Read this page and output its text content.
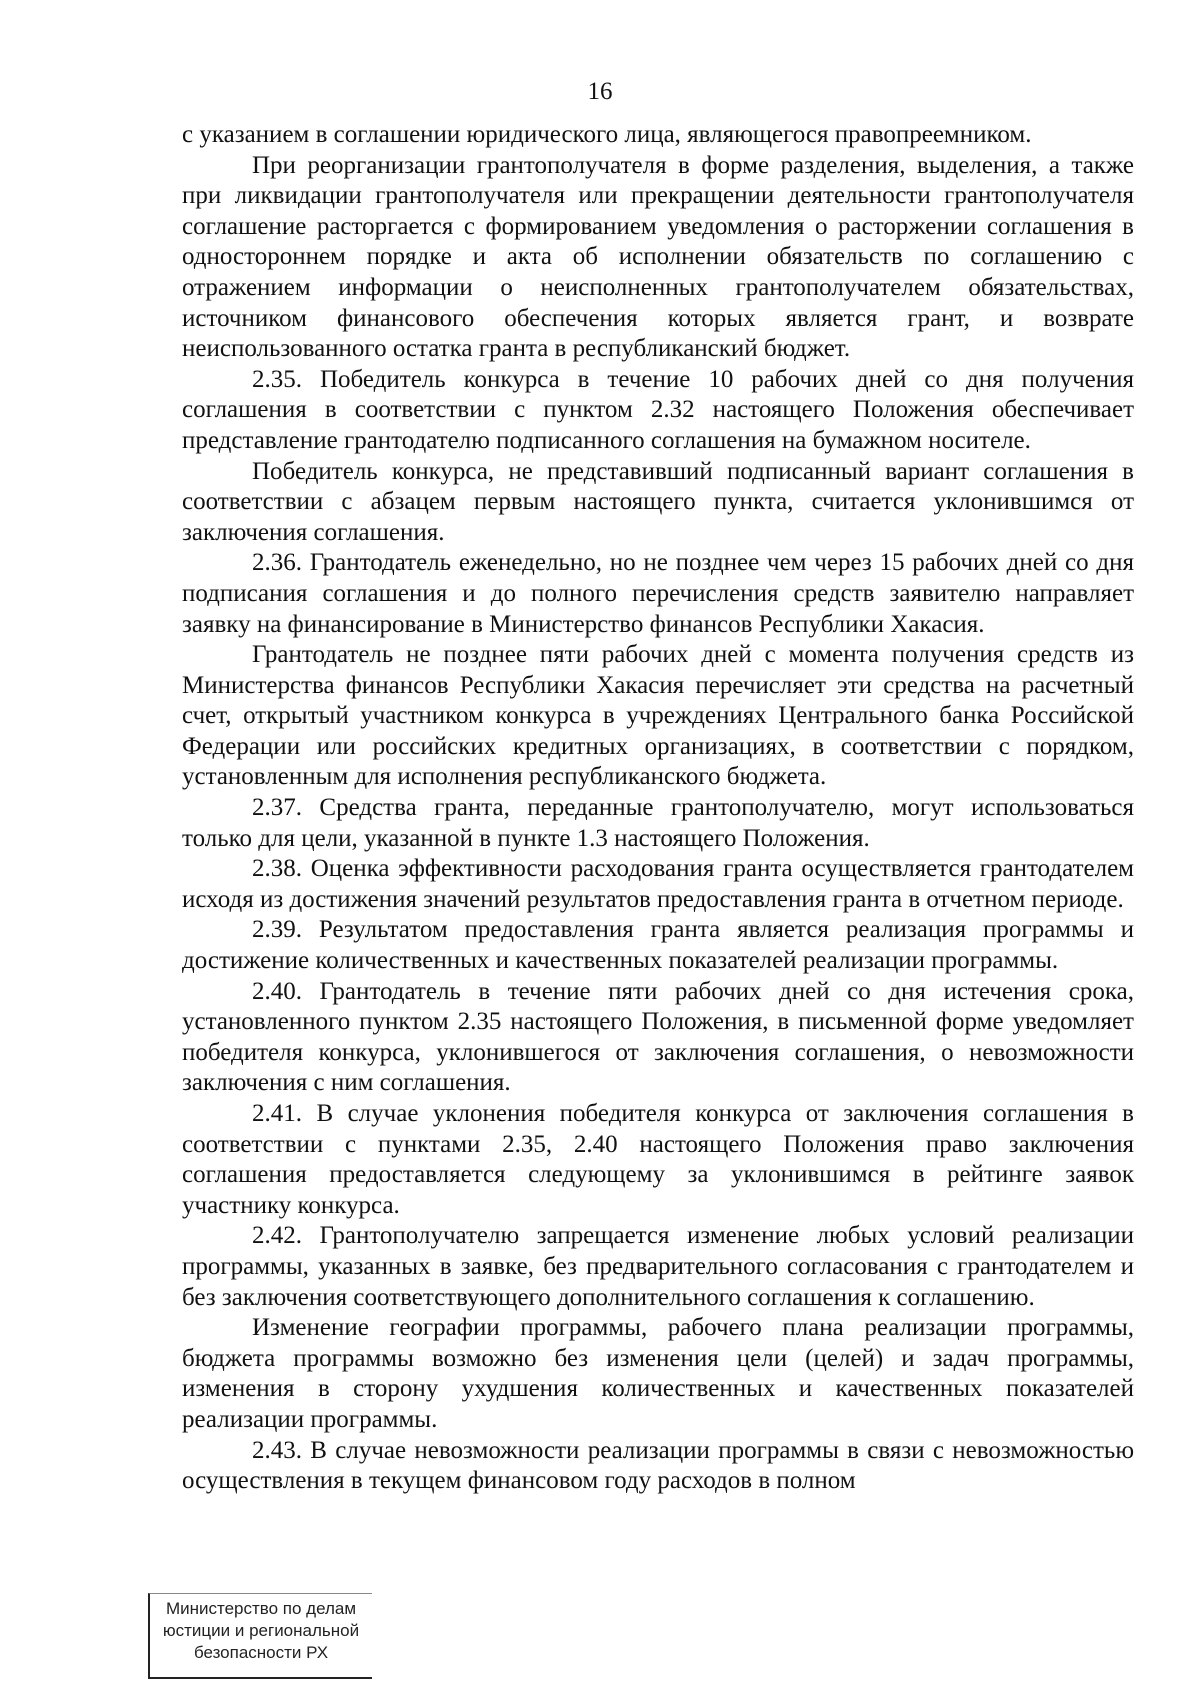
16

с указанием в соглашении юридического лица, являющегося правопреемником.

При реорганизации грантополучателя в форме разделения, выделения, а также при ликвидации грантополучателя или прекращении деятельности грантополучателя соглашение расторгается с формированием уведомления о расторжении соглашения в одностороннем порядке и акта об исполнении обязательств по соглашению с отражением информации о неисполненных грантополучателем обязательствах, источником финансового обеспечения которых является грант, и возврате неиспользованного остатка гранта в республиканский бюджет.

2.35. Победитель конкурса в течение 10 рабочих дней со дня получения соглашения в соответствии с пунктом 2.32 настоящего Положения обеспечивает представление грантодателю подписанного соглашения на бумажном носителе.

Победитель конкурса, не представивший подписанный вариант соглашения в соответствии с абзацем первым настоящего пункта, считается уклонившимся от заключения соглашения.

2.36. Грантодатель еженедельно, но не позднее чем через 15 рабочих дней со дня подписания соглашения и до полного перечисления средств заявителю направляет заявку на финансирование в Министерство финансов Республики Хакасия.

Грантодатель не позднее пяти рабочих дней с момента получения средств из Министерства финансов Республики Хакасия перечисляет эти средства на расчетный счет, открытый участником конкурса в учреждениях Центрального банка Российской Федерации или российских кредитных организациях, в соответствии с порядком, установленным для исполнения республиканского бюджета.

2.37. Средства гранта, переданные грантополучателю, могут использоваться только для цели, указанной в пункте 1.3 настоящего Положения.

2.38. Оценка эффективности расходования гранта осуществляется грантодателем исходя из достижения значений результатов предоставления гранта в отчетном периоде.

2.39. Результатом предоставления гранта является реализация программы и достижение количественных и качественных показателей реализации программы.

2.40. Грантодатель в течение пяти рабочих дней со дня истечения срока, установленного пунктом 2.35 настоящего Положения, в письменной форме уведомляет победителя конкурса, уклонившегося от заключения соглашения, о невозможности заключения с ним соглашения.

2.41. В случае уклонения победителя конкурса от заключения соглашения в соответствии с пунктами 2.35, 2.40 настоящего Положения право заключения соглашения предоставляется следующему за уклонившимся в рейтинге заявок участнику конкурса.

2.42. Грантополучателю запрещается изменение любых условий реализации программы, указанных в заявке, без предварительного согласования с грантодателем и без заключения соответствующего дополнительного соглашения к соглашению.

Изменение географии программы, рабочего плана реализации программы, бюджета программы возможно без изменения цели (целей) и задач программы, изменения в сторону ухудшения количественных и качественных показателей реализации программы.

2.43. В случае невозможности реализации программы в связи с невозможностью осуществления в текущем финансовом году расходов в полном

Министерство по делам
юстиции и региональной
безопасности РХ
